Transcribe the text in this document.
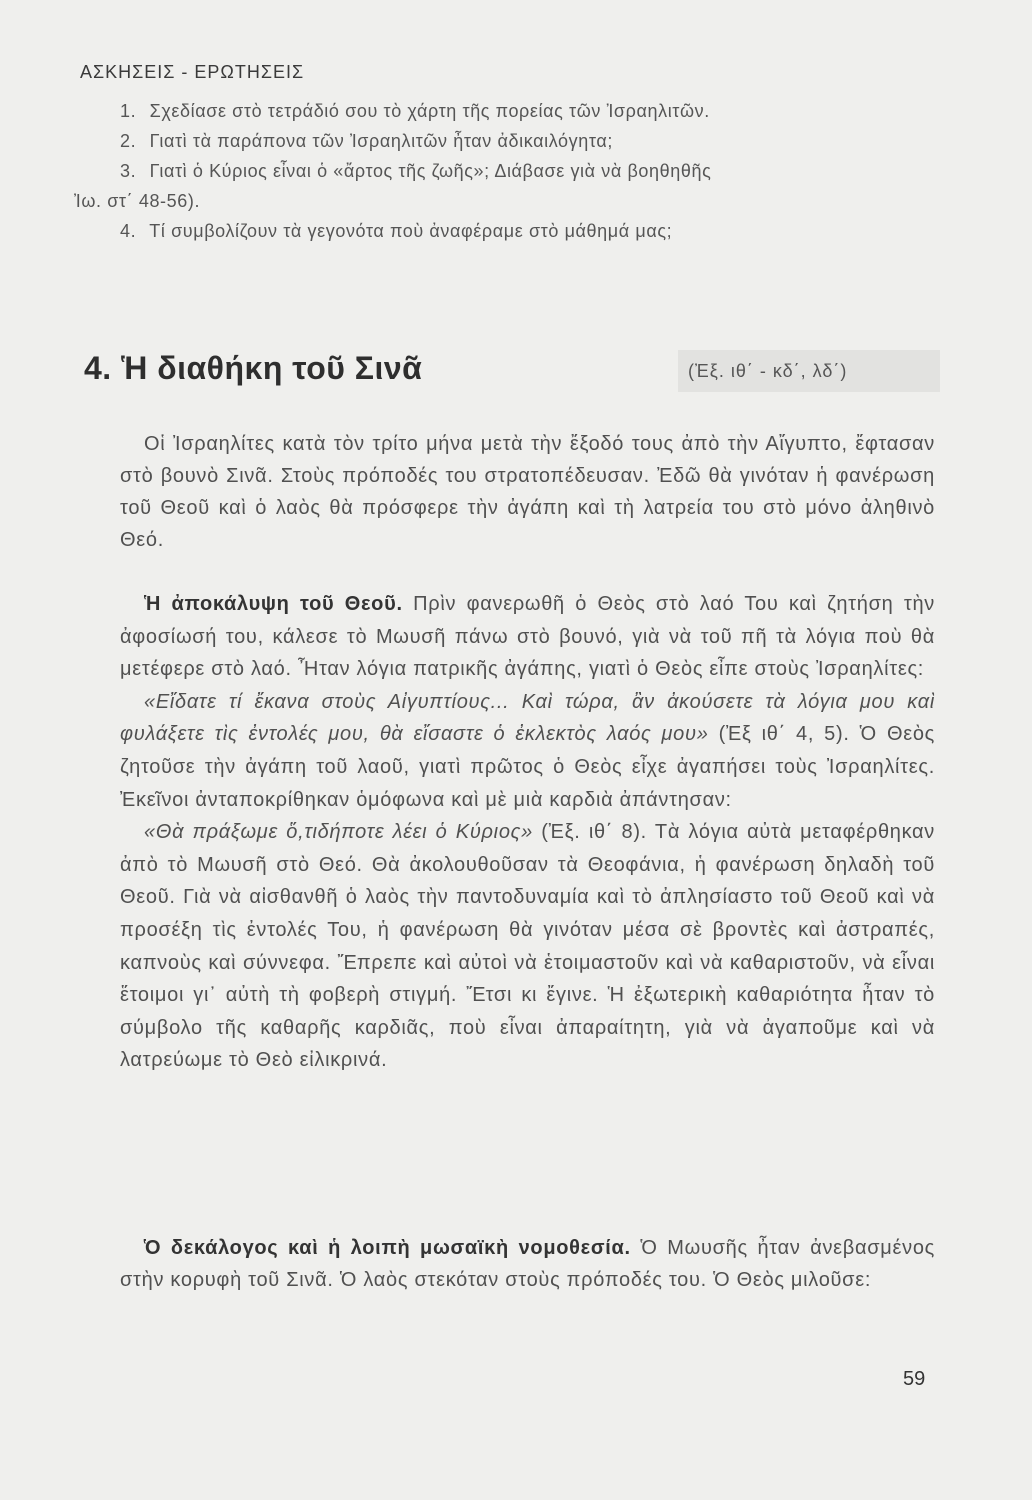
ΑΣΚΗΣΕΙΣ - ΕΡΩΤΗΣΕΙΣ
1. Σχεδίασε στὸ τετράδιό σου τὸ χάρτη τῆς πορείας τῶν Ἰσραηλιτῶν.
2. Γιατὶ τὰ παράπονα τῶν Ἰσραηλιτῶν ἦταν ἀδικαιλόγητα;
3. Γιατὶ ὁ Κύριος εἶναι ὁ «ἄρτος τῆς ζωῆς»; Διάβασε γιὰ νὰ βοηθηθῆς
Ἰω. στ΄ 48-56).
4. Τί συμβολίζουν τὰ γεγονότα ποὺ ἀναφέραμε στὸ μάθημά μας;
4. Ἡ διαθήκη τοῦ Σινᾶ	(Ἐξ. ιθ΄ - κδ΄, λδ΄)

Οἱ Ἰσραηλίτες κατὰ τὸν τρίτο μήνα μετὰ τὴν ἔξοδό τους ἀπὸ τὴν Αἴγυπτο, ἔφτασαν στὸ βουνὸ Σινᾶ. Στοὺς πρόποδές του στρατοπέδευσαν. Ἐδῶ θὰ γινόταν ἡ φανέρωση τοῦ Θεοῦ καὶ ὁ λαὸς θὰ πρόσφερε τὴν ἀγάπη καὶ τὴ λατρεία του στὸ μόνο ἀληθινὸ Θεό.

Ἡ ἀποκάλυψη τοῦ Θεοῦ. Πρὶν φανερωθῆ ὁ Θεὸς στὸ λαό Του καὶ ζητήση τὴν ἀφοσίωσή του, κάλεσε τὸ Μωυσῆ πάνω στὸ βουνό, γιὰ νὰ τοῦ πῆ τὰ λόγια ποὺ θὰ μετέφερε στὸ λαό. Ἦταν λόγια πατρικῆς ἀγάπης, γιατὶ ὁ Θεὸς εἶπε στοὺς Ἰσραηλίτες:
«Εἴδατε τί ἔκανα στοὺς Αἰγυπτίους... Καὶ τώρα, ἂν ἀκούσετε τὰ λόγια μου καὶ φυλάξετε τὶς ἐντολές μου, θὰ εἴσαστε ὁ ἐκλεκτὸς λαός μου» (Ἐξ ιθ΄ 4, 5). Ὁ Θεὸς ζητοῦσε τὴν ἀγάπη τοῦ λαοῦ, γιατὶ πρῶτος ὁ Θεὸς εἶχε ἀγαπήσει τοὺς Ἰσραηλίτες. Ἐκεῖνοι ἀνταποκρίθηκαν ὁμόφωνα καὶ μὲ μιὰ καρδιὰ ἀπάντησαν:
«Θὰ πράξωμε ὅ,τιδήποτε λέει ὁ Κύριος» (Ἐξ. ιθ΄ 8). Τὰ λόγια αὐτὰ μεταφέρθηκαν ἀπὸ τὸ Μωυσῆ στὸ Θεό. Θὰ ἀκολουθοῦσαν τὰ Θεοφάνια, ἡ φανέρωση δηλαδὴ τοῦ Θεοῦ. Γιὰ νὰ αἰσθανθῆ ὁ λαὸς τὴν παντοδυναμία καὶ τὸ ἀπλησίαστο τοῦ Θεοῦ καὶ νὰ προσέξη τὶς ἐντολές Του, ἡ φανέρωση θὰ γινόταν μέσα σὲ βροντὲς καὶ ἀστραπές, καπνοὺς καὶ σύννεφα. Ἔπρεπε καὶ αὐτοὶ νὰ ἑτοιμαστοῦν καὶ νὰ καθαριστοῦν, νὰ εἶναι ἕτοιμοι γι᾿ αὐτὴ τὴ φοβερὴ στιγμή. Ἔτσι κι ἔγινε. Ἡ ἐξωτερικὴ καθαριότητα ἦταν τὸ σύμβολο τῆς καθαρῆς καρδιᾶς, ποὺ εἶναι ἀπαραίτητη, γιὰ νὰ ἀγαποῦμε καὶ νὰ λατρεύωμε τὸ Θεὸ εἰλικρινά.

Ὁ δεκάλογος καὶ ἡ λοιπὴ μωσαϊκὴ νομοθεσία. Ὁ Μωυσῆς ἦταν ἀνεβασμένος στὴν κορυφὴ τοῦ Σινᾶ. Ὁ λαὸς στεκόταν στοὺς πρόποδές του. Ὁ Θεὸς μιλοῦσε:

59
